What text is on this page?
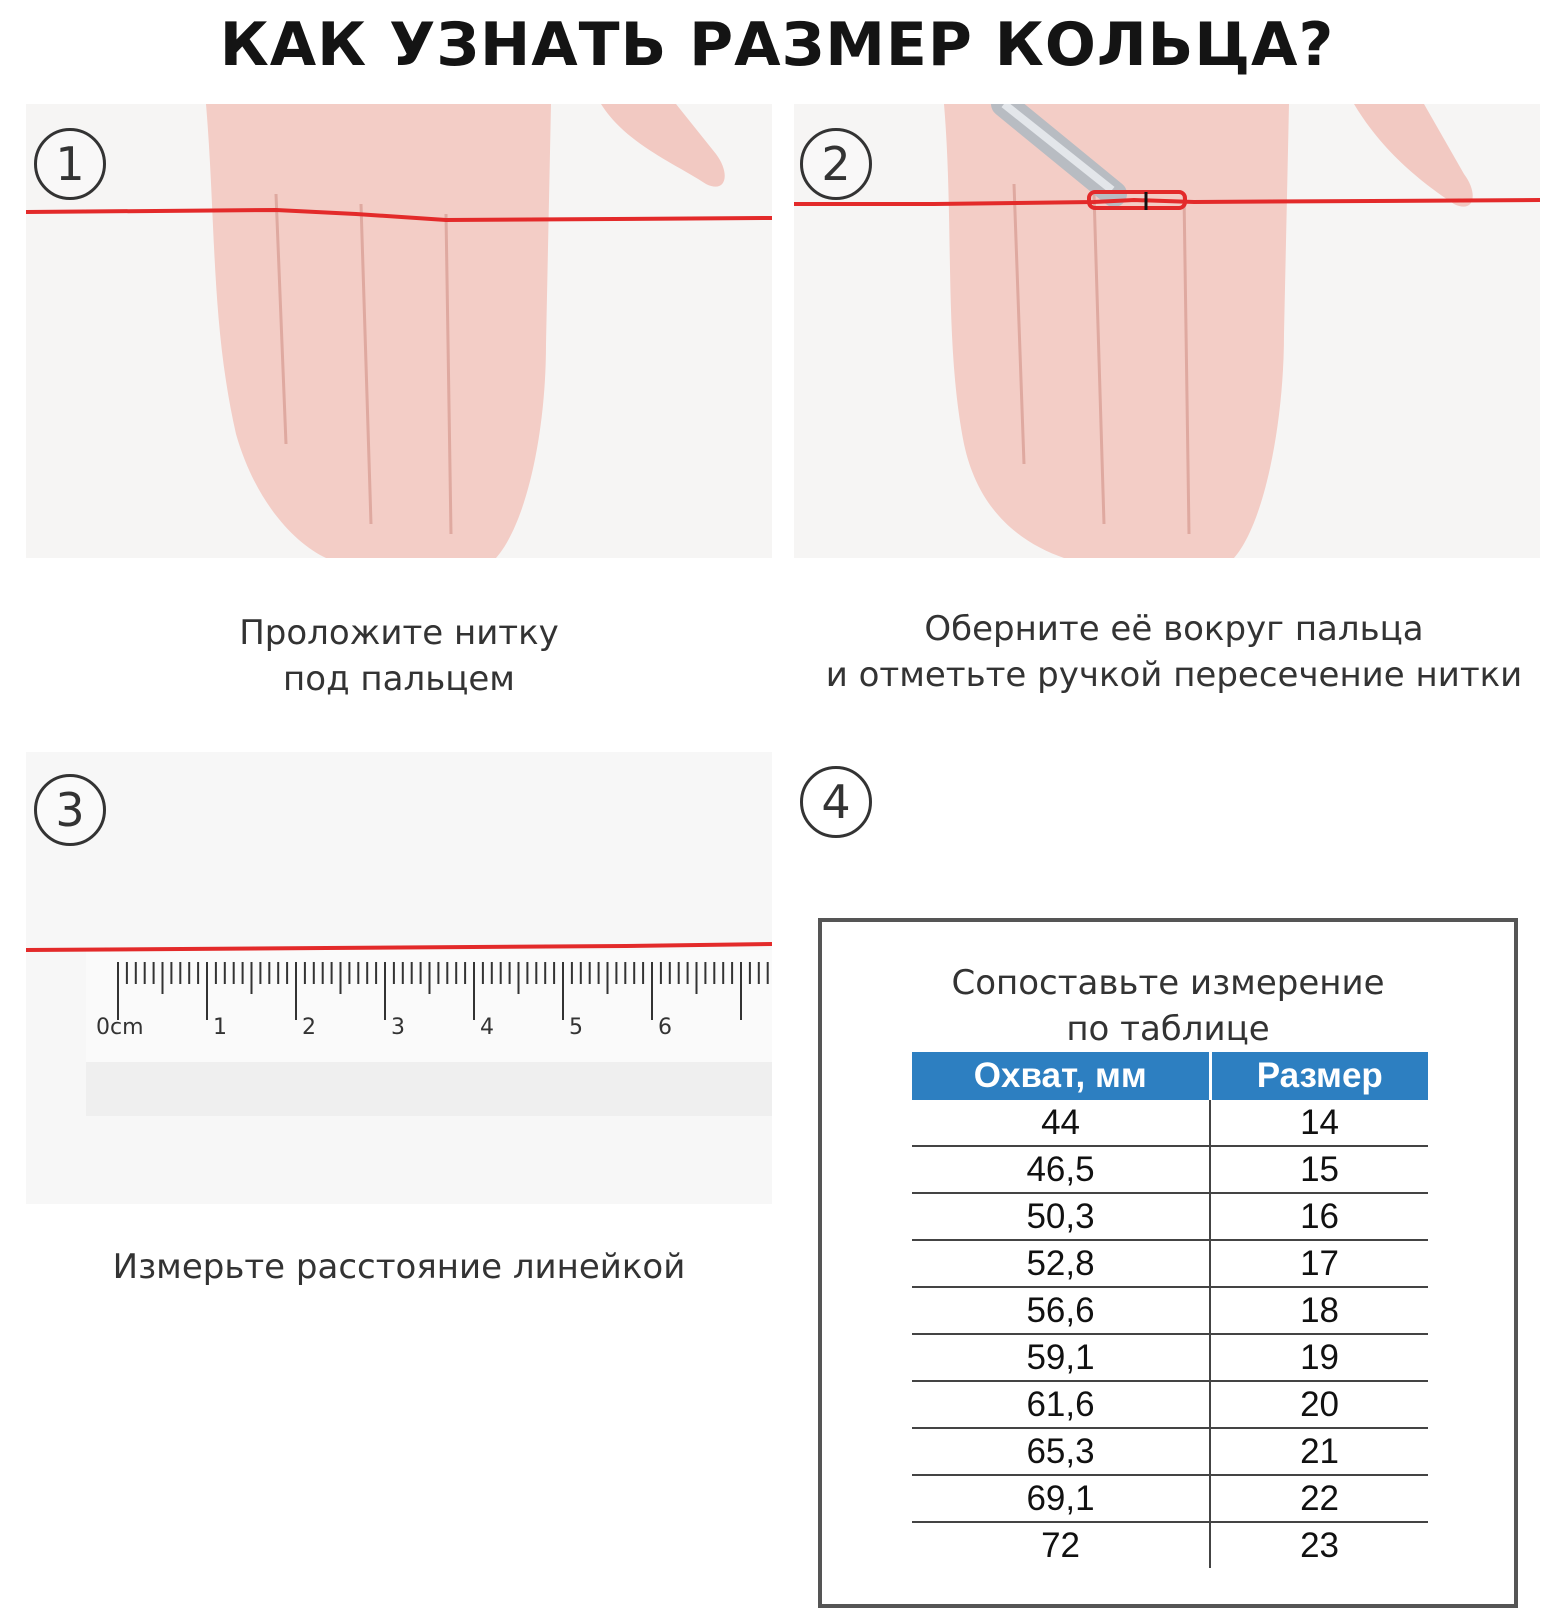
КАК УЗНАТЬ РАЗМЕР КОЛЬЦА?
1	2
Проложите нитку
под пальцем
Оберните её вокруг пальца
и отметьте ручкой пересечение нитки
0cm	1	2	3	4	5	6
3
Измерьте расстояние линейкой
4
Сопоставьте измерение
по таблице
Охват, мм	Размер
44	14
46,5	15
50,3	16
52,8	17
56,6	18
59,1	19
61,6	20
65,3	21
69,1	22
72	23
